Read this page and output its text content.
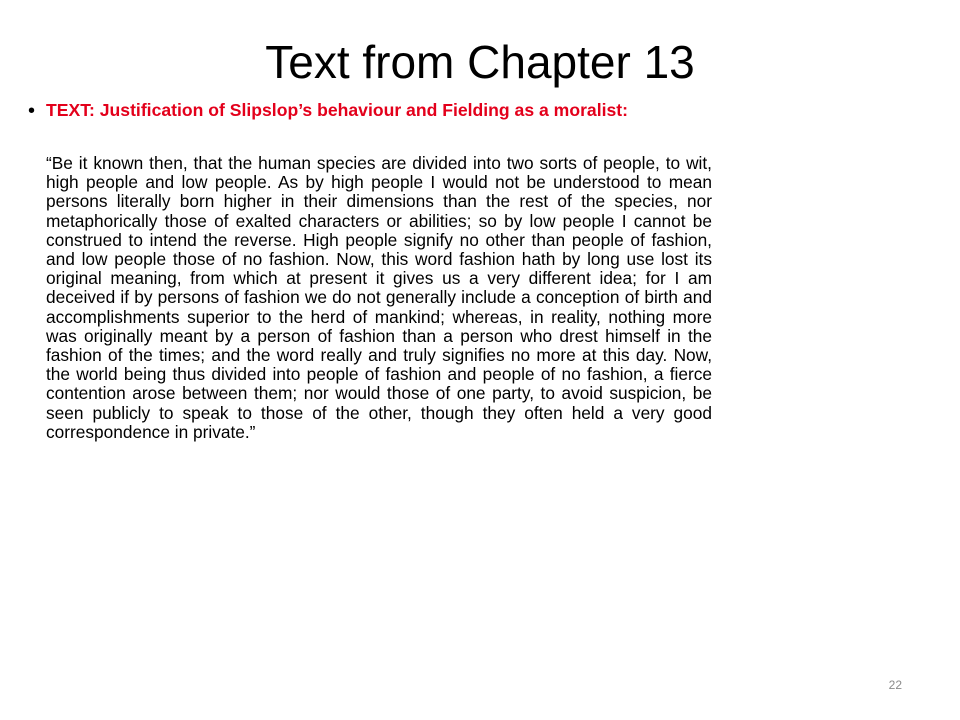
Text from Chapter 13
• TEXT: Justification of Slipslop’s behaviour and Fielding as a moralist:
“Be it known then, that the human species are divided into two sorts of people, to wit, high people and low people. As by high people I would not be understood to mean persons literally born higher in their dimensions than the rest of the species, nor metaphorically those of exalted characters or abilities; so by low people I cannot be construed to intend the reverse. High people signify no other than people of fashion, and low people those of no fashion. Now, this word fashion hath by long use lost its original meaning, from which at present it gives us a very different idea; for I am deceived if by persons of fashion we do not generally include a conception of birth and accomplishments superior to the herd of mankind; whereas, in reality, nothing more was originally meant by a person of fashion than a person who drest himself in the fashion of the times; and the word really and truly signifies no more at this day. Now, the world being thus divided into people of fashion and people of no fashion, a fierce contention arose between them; nor would those of one party, to avoid suspicion, be seen publicly to speak to those of the other, though they often held a very good correspondence in private.”
22
